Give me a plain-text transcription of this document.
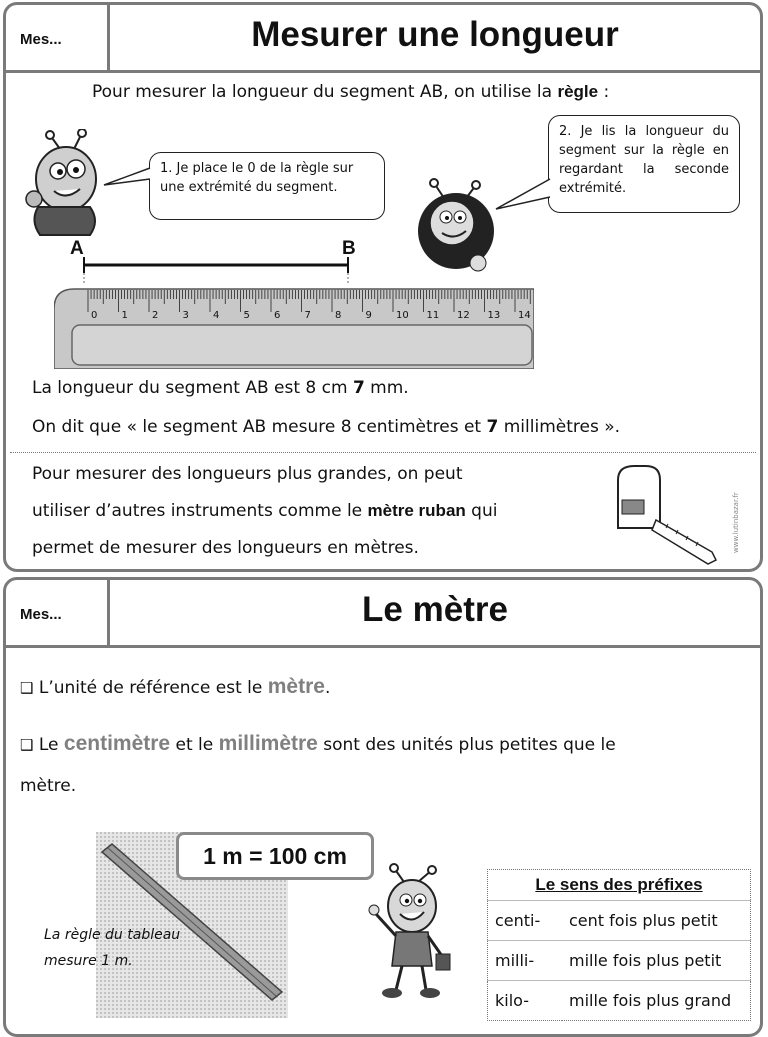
Mes...	Mesurer une longueur
Pour mesurer la longueur du segment AB, on utilise la règle :
1. Je place le 0 de la règle sur une extrémité du segment.
2. Je lis la longueur du segment sur la règle en regardant la seconde extrémité.
A	B
0 1 2 3 4 5 6 7 8 9 10 11 12 13 14
La longueur du segment AB est 8 cm 7 mm.
On dit que « le segment AB mesure 8 centimètres et 7 millimètres ».
Pour mesurer des longueurs plus grandes, on peut
utiliser d’autres instruments comme le mètre ruban qui
permet de mesurer des longueurs en mètres.	www.lutinbazar.fr
Mes...	Le mètre
❑ L’unité de référence est le mètre.
❑ Le centimètre et le millimètre sont des unités plus petites que le
mètre.
La règle du tableau
mesure 1 m.
1 m = 100 cm
Le sens des préfixes	
centi-	cent fois plus petit
milli-	mille fois plus petit
kilo-	mille fois plus grand
